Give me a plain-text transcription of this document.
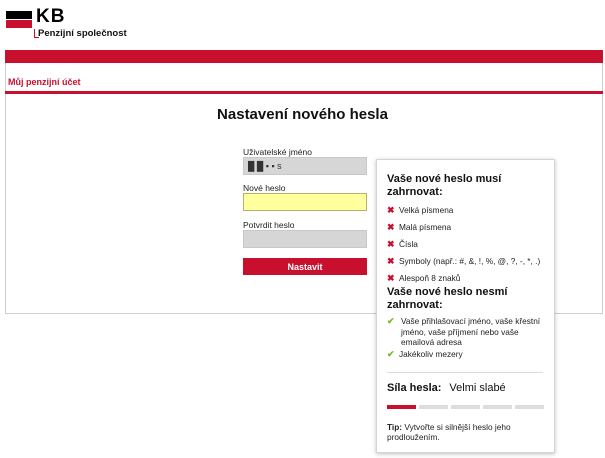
KB
Penzijní společnost
Můj penzijní účet
Nastavení nového hesla
Uživatelské jméno
█ █ ▪ ▪ s
Nové heslo
Potvrdit heslo
Nastavit
Vaše nové heslo musí zahrnovat:
✖ Velká písmena
✖ Malá písmena
✖ Čísla
✖ Symboly (např.: #, &, !, %, @, ?, -, *, .)
✖ Alespoň 8 znaků
Vaše nové heslo nesmí zahrnovat:
✔ Vaše přihlašovací jméno, vaše křestní jméno, vaše příjmení nebo vaše emailová adresa
✔ Jakékoliv mezery
Síla hesla: Velmi slabé
Tip: Vytvořte si silnější heslo jeho prodloužením.
